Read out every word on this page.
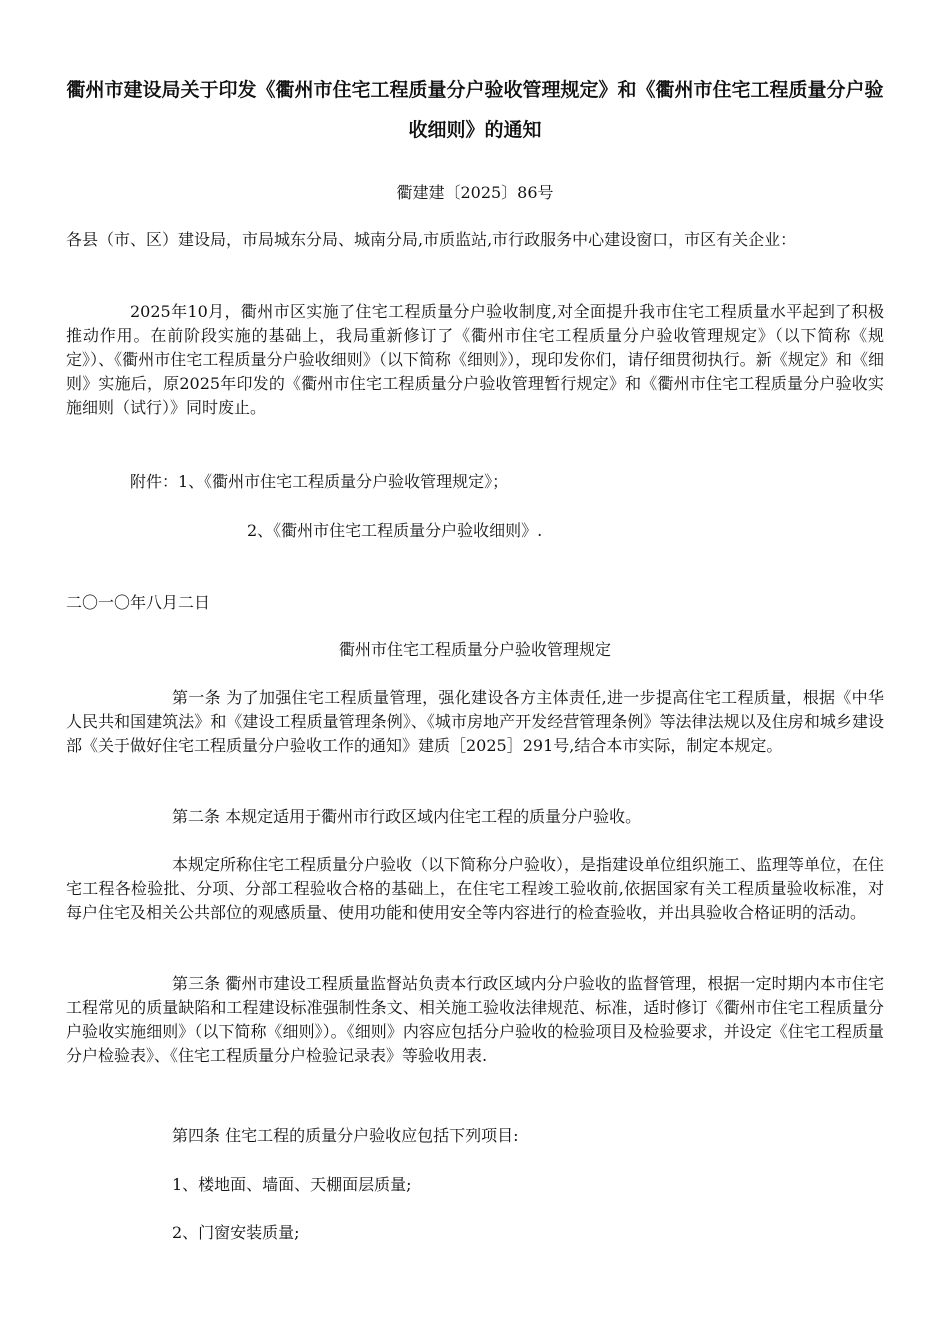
衢州市建设局关于印发《衢州市住宅工程质量分户验收管理规定》和《衢州市住宅工程质量分户验收细则》的通知
衢建建〔2025〕86号
各县（市、区）建设局，市局城东分局、城南分局,市质监站,市行政服务中心建设窗口，市区有关企业：
2025年10月，衢州市区实施了住宅工程质量分户验收制度,对全面提升我市住宅工程质量水平起到了积极推动作用。在前阶段实施的基础上，我局重新修订了《衢州市住宅工程质量分户验收管理规定》（以下简称《规定》）、《衢州市住宅工程质量分户验收细则》（以下简称《细则》），现印发你们，请仔细贯彻执行。新《规定》和《细则》实施后，原2025年印发的《衢州市住宅工程质量分户验收管理暂行规定》和《衢州市住宅工程质量分户验收实施细则（试行）》同时废止。
附件：1、《衢州市住宅工程质量分户验收管理规定》；
2、《衢州市住宅工程质量分户验收细则》.
二〇一〇年八月二日
衢州市住宅工程质量分户验收管理规定
第一条 为了加强住宅工程质量管理，强化建设各方主体责任,进一步提高住宅工程质量，根据《中华人民共和国建筑法》和《建设工程质量管理条例》、《城市房地产开发经营管理条例》等法律法规以及住房和城乡建设部《关于做好住宅工程质量分户验收工作的通知》建质［2025］291号,结合本市实际，制定本规定。
第二条 本规定适用于衢州市行政区域内住宅工程的质量分户验收。
本规定所称住宅工程质量分户验收（以下简称分户验收），是指建设单位组织施工、监理等单位，在住宅工程各检验批、分项、分部工程验收合格的基础上，在住宅工程竣工验收前,依据国家有关工程质量验收标准，对每户住宅及相关公共部位的观感质量、使用功能和使用安全等内容进行的检查验收，并出具验收合格证明的活动。
第三条 衢州市建设工程质量监督站负责本行政区域内分户验收的监督管理，根据一定时期内本市住宅工程常见的质量缺陷和工程建设标准强制性条文、相关施工验收法律规范、标准，适时修订《衢州市住宅工程质量分户验收实施细则》（以下简称《细则》）。《细则》内容应包括分户验收的检验项目及检验要求，并设定《住宅工程质量分户检验表》、《住宅工程质量分户检验记录表》等验收用表.
第四条 住宅工程的质量分户验收应包括下列项目:
1、楼地面、墙面、天棚面层质量;
2、门窗安装质量;
